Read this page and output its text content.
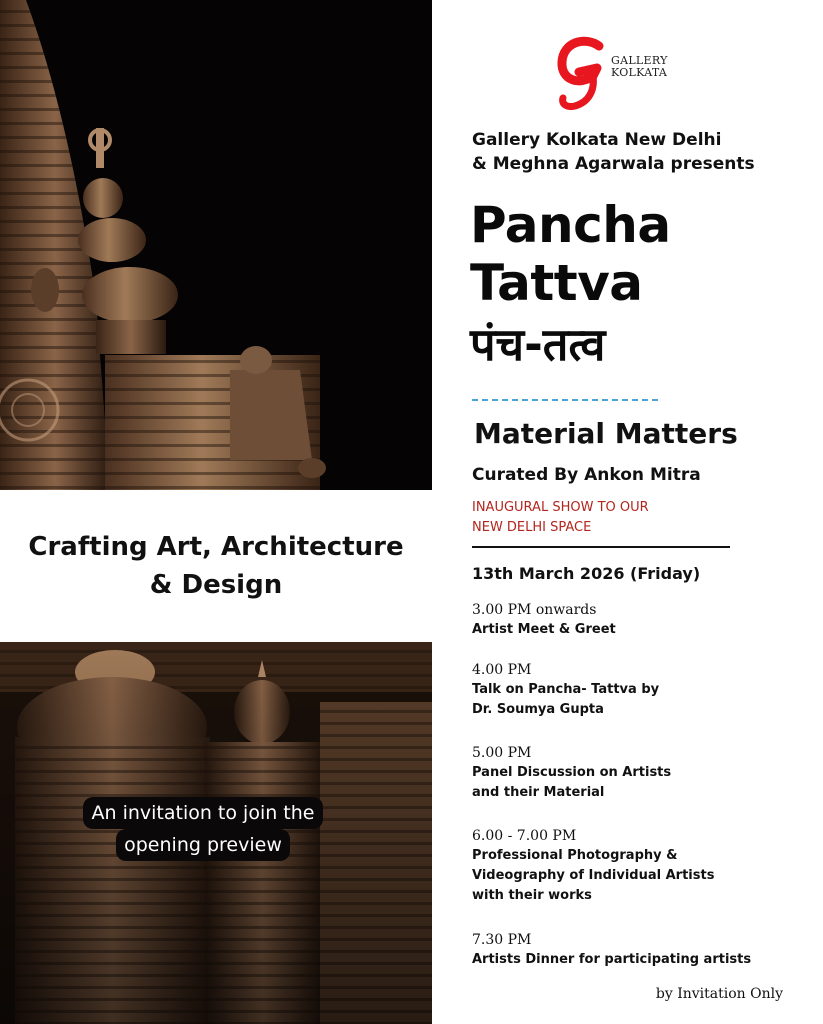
Crafting Art, Architecture
& Design
An invitation to join the
opening preview
GALLERY
KOLKATA
Gallery Kolkata New Delhi
& Meghna Agarwala presents
Pancha
Tattva
पंच-तत्व
Material Matters
Curated By Ankon Mitra
INAUGURAL SHOW TO OUR
NEW DELHI SPACE
13th March 2026 (Friday)
3.00 PM onwards
Artist Meet & Greet
4.00 PM
Talk on Pancha- Tattva by
Dr. Soumya Gupta
5.00 PM
Panel Discussion on Artists
and their Material
6.00 - 7.00 PM
Professional Photography &
Videography of Individual Artists
with their works
7.30 PM
Artists Dinner for participating artists
by Invitation Only
